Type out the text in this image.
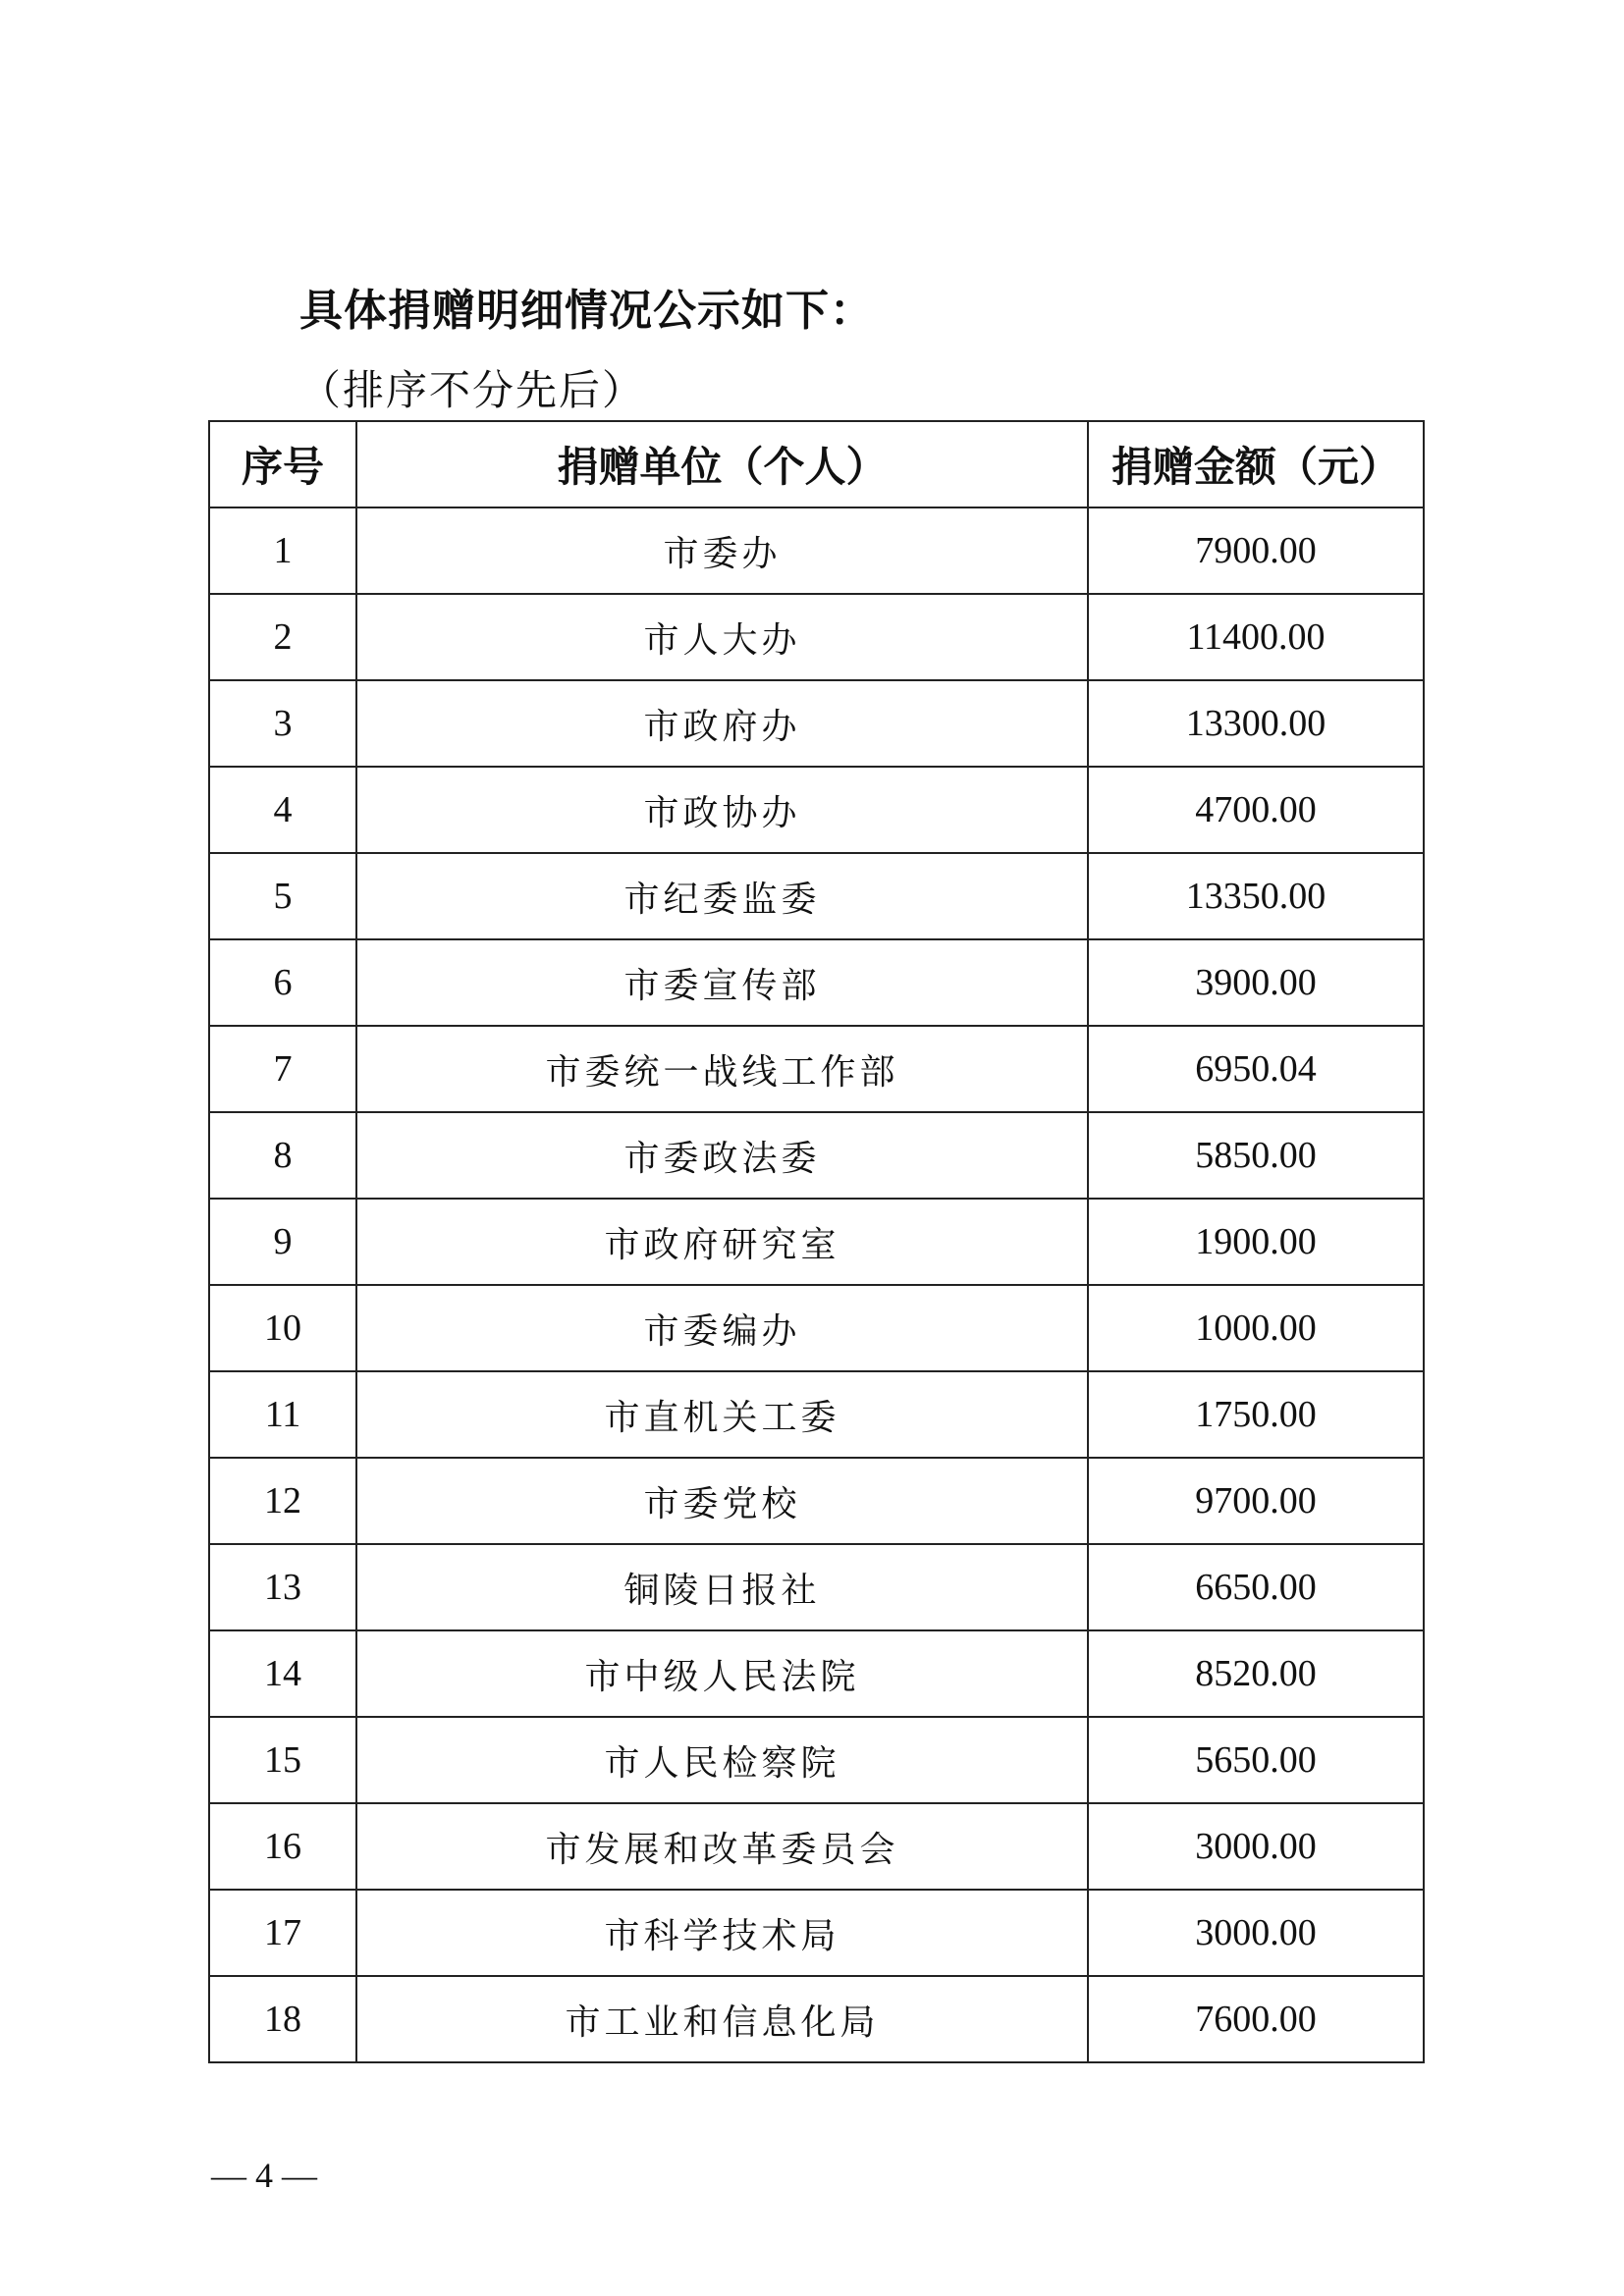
具体捐赠明细情况公示如下：
（排序不分先后）
序号	捐赠单位（个人）	捐赠金额（元）
1	市委办	7900.00
2	市人大办	11400.00
3	市政府办	13300.00
4	市政协办	4700.00
5	市纪委监委	13350.00
6	市委宣传部	3900.00
7	市委统一战线工作部	6950.04
8	市委政法委	5850.00
9	市政府研究室	1900.00
10	市委编办	1000.00
11	市直机关工委	1750.00
12	市委党校	9700.00
13	铜陵日报社	6650.00
14	市中级人民法院	8520.00
15	市人民检察院	5650.00
16	市发展和改革委员会	3000.00
17	市科学技术局	3000.00
18	市工业和信息化局	7600.00
— 4 —
